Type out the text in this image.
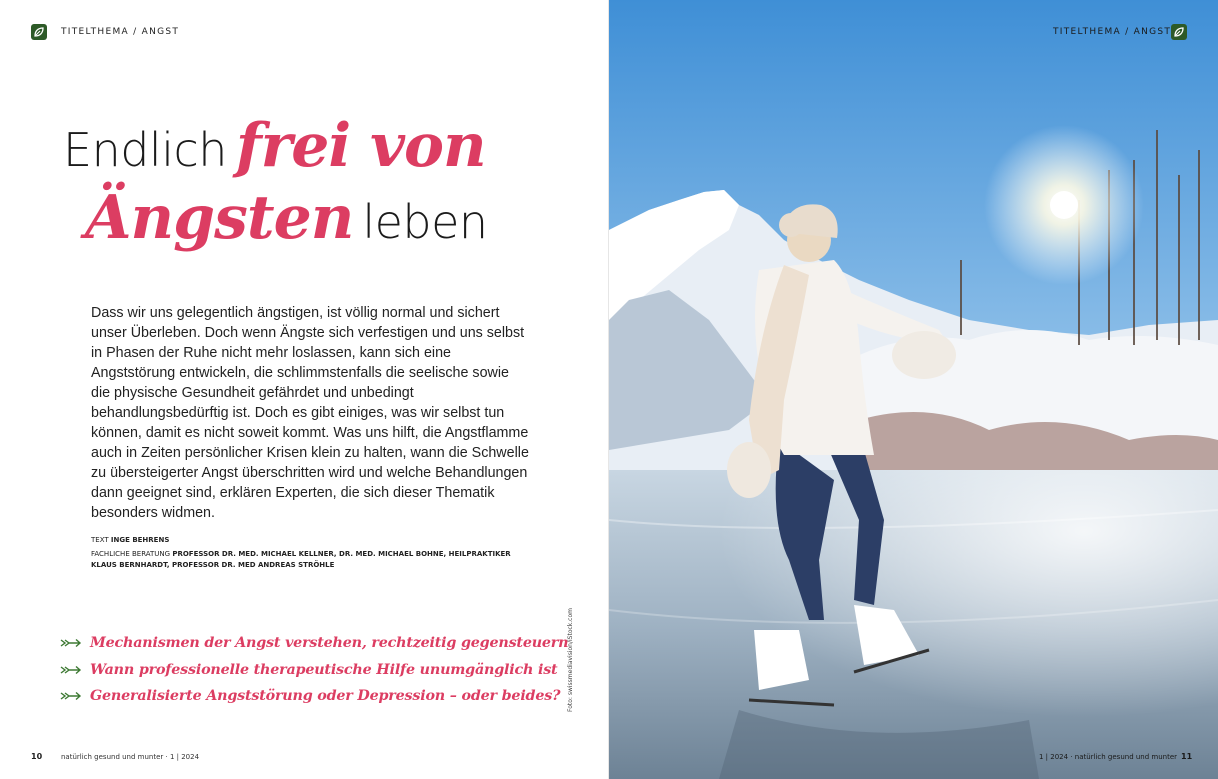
TITELTHEMA / ANGST
Endlich frei von
Ängsten leben

Dass wir uns gelegentlich ängstigen, ist völlig normal und sichert unser Überleben. Doch wenn Ängste sich verfestigen und uns selbst in Phasen der Ruhe nicht mehr loslassen, kann sich eine Angststörung entwickeln, die schlimmstenfalls die seelische sowie die physische Gesundheit gefährdet und unbedingt behandlungsbedürftig ist. Doch es gibt einiges, was wir selbst tun können, damit es nicht soweit kommt. Was uns hilft, die Angstflamme auch in Zeiten persönlicher Krisen klein zu halten, wann die Schwelle zu übersteigerter Angst überschritten wird und welche Behandlungen dann geeignet sind, erklären Experten, die sich dieser Thematik besonders widmen.

TEXT INGE BEHRENS
FACHLICHE BERATUNG PROFESSOR DR. MED. MICHAEL KELLNER, DR. MED. MICHAEL BOHNE, HEILPRAKTIKER KLAUS BERNHARDT, PROFESSOR DR. MED ANDREAS STRÖHLE
Mechanismen der Angst verstehen, rechtzeitig gegensteuern
Wann professionelle therapeutische Hilfe unumgänglich ist
Generalisierte Angststörung oder Depression – oder beides? Foto: swissmediavision/iStock.com
10	natürlich gesund und munter · 1 | 2024
TITELTHEMA / ANGST
1 | 2024 · natürlich gesund und munter 11
